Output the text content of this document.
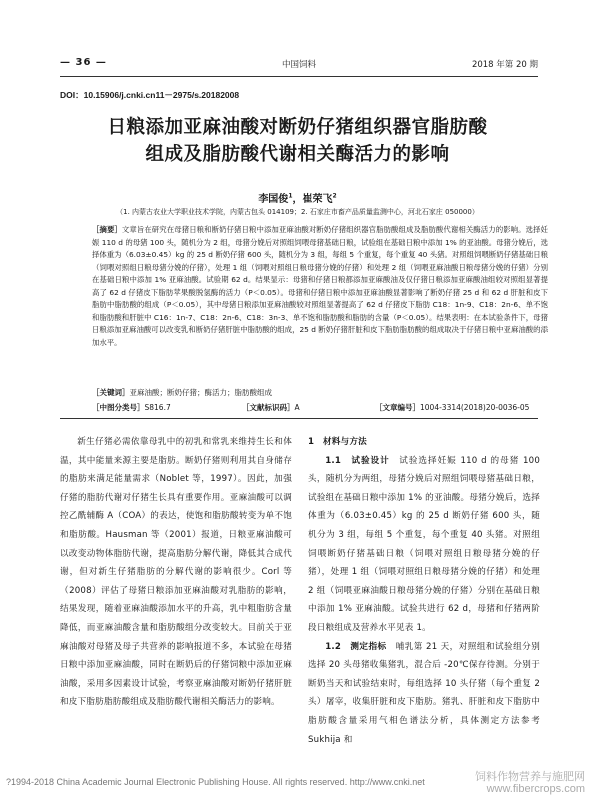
— 36 —	中国饲料	2018 年第 20 期
DOI：10.15906/j.cnki.cn11－2975/s.20182008
日粮添加亚麻油酸对断奶仔猪组织器官脂肪酸
组成及脂肪酸代谢相关酶活力的影响
李国俊$^1$，崔荣飞$^2$
（1. 内蒙古农业大学职业技术学院，内蒙古包头 014109；2. 石家庄市畜产品质量监测中心，河北石家庄 050000）
［摘要］文章旨在研究在母猪日粮和断奶仔猪日粮中添加亚麻油酸对断奶仔猪组织器官脂肪酸组成及脂肪酸代谢相关酶活力的影响。选择妊娠 110 d 的母猪 100 头，随机分为 2 组，母猪分娩后对照组饲喂母猪基础日粮，试验组在基础日粮中添加 1% 的亚油酸。母猪分娩后，选择体重为（6.03±0.45）kg 的 25 d 断奶仔猪 600 头，随机分为 3 组，每组 5 个重复，每个重复 40 头猪。对照组饲喂断奶仔猪基础日粮（饲喂对照组日粮母猪分娩的仔猪），处理 1 组（饲喂对照组日粮母猪分娩的仔猪）和处理 2 组（饲喂亚麻油酸日粮母猪分娩的仔猪）分别在基础日粮中添加 1% 亚麻油酸。试验期 62 d。结果显示：母猪和仔猪日粮都添加亚麻酸油及仅仔猪日粮添加亚麻酸油组较对照组显著提高了 62 d 仔猪皮下脂肪苹果酸脱氢酶的活力（P＜0.05）。母猪和仔猪日粮中添加亚麻油酸显著影响了断奶仔猪 25 d 和 62 d 肝脏和皮下脂肪中脂肪酸的组成（P＜0.05），其中母猪日粮添加亚麻油酸较对照组显著提高了 62 d 仔猪皮下脂肪 C18：1n-9、C18：2n-6、单不饱和脂肪酸和肝脏中 C16：1n-7、C18：2n-6、C18：3n-3、单不饱和脂肪酸和脂肪的含量（P＜0.05）。结果表明：在本试验条件下，母猪日粮添加亚麻油酸可以改变乳和断奶仔猪肝脏中脂肪酸的组成，25 d 断奶仔猪肝脏和皮下脂肪脂肪酸的组成取决于仔猪日粮中亚麻油酸的添加水平。
［关键词］亚麻油酸；断奶仔猪；酶活力；脂肪酸组成
［中图分类号］S816.7	［文献标识码］A	［文章编号］1004-3314(2018)20-0036-05

新生仔猪必需依靠母乳中的初乳和常乳来维持生长和体温，其中能量来源主要是脂肪。断奶仔猪则利用其自身储存的脂肪来满足能量需求（Noblet 等，1997）。因此，加强仔猪的脂肪代谢对仔猪生长具有重要作用。亚麻油酸可以调控乙酰辅酶 A（COA）的表达，使饱和脂肪酸转变为单不饱和脂肪酸。Hausman 等（2001）报道，日粮亚麻油酸可以改变动物体脂肪代谢，提高脂肪分解代谢，降低其合成代谢，但对新生仔猪脂肪的分解代谢的影响很少。Corl 等（2008）评估了母猪日粮添加亚麻油酸对乳脂肪的影响，结果发现，随着亚麻油酸添加水平的升高，乳中粗脂肪含量降低，而亚麻油酸含量和脂肪酸组分改变较大。目前关于亚麻油酸对母猪及母子共营养的影响报道不多，本试验在母猪日粮中添加亚麻油酸，同时在断奶后的仔猪饲粮中添加亚麻油酸，采用多因素设计试验，考察亚麻油酸对断奶仔猪肝脏和皮下脂肪脂肪酸组成及脂肪酸代谢相关酶活力的影响。

1　材料与方法

1.1　试验设计　 试验选择妊娠 110 d 的母猪 100 头，随机分为两组，母猪分娩后对照组饲喂母猪基础日粮，试验组在基础日粮中添加 1% 的亚油酸。母猪分娩后，选择体重为（6.03±0.45）kg 的 25 d 断奶仔猪 600 头，随机分为 3 组，每组 5 个重复，每个重复 40 头猪。对照组饲喂断奶仔猪基础日粮（饲喂对照组日粮母猪分娩的仔猪），处理 1 组（饲喂对照组日粮母猪分娩的仔猪）和处理 2 组（饲喂亚麻油酸日粮母猪分娩的仔猪）分别在基础日粮中添加 1% 亚麻油酸。试验共进行 62 d，母猪和仔猪两阶段日粮组成及营养水平见表 1。

1.2　测定指标　 哺乳第 21 天，对照组和试验组分别选择 20 头母猪收集猪乳，混合后 -20℃保存待测。分别于断奶当天和试验结束时，每组选择 10 头仔猪（每个重复 2 头）屠宰，收集肝脏和皮下脂肪。猪乳、肝脏和皮下脂肪中脂肪酸含量采用气相色谱法分析，具体测定方法参考 Sukhija 和

?1994-2018 China Academic Journal Electronic Publishing House. All rights reserved. http://www.cnki.net	饲料作物营养与施肥网
www.fibercrops.com
